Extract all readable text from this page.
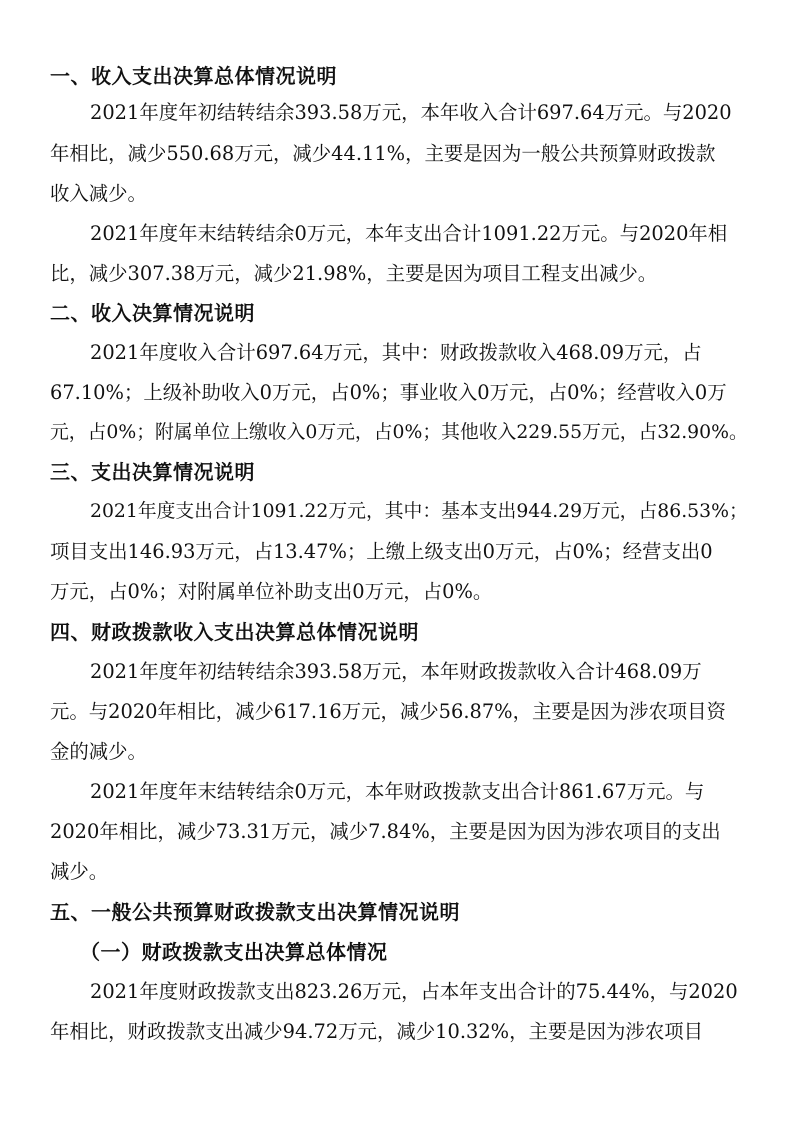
一、收入支出决算总体情况说明
2021年度年初结转结余393.58万元，本年收入合计697.64万元。与2020
年相比，减少550.68万元，减少44.11%，主要是因为一般公共预算财政拨款
收入减少。
2021年度年末结转结余0万元，本年支出合计1091.22万元。与2020年相
比，减少307.38万元，减少21.98%，主要是因为项目工程支出减少。
二、收入决算情况说明
2021年度收入合计697.64万元，其中：财政拨款收入468.09万元，占
67.10%；上级补助收入0万元，占0%；事业收入0万元，占0%；经营收入0万
元，占0%；附属单位上缴收入0万元，占0%；其他收入229.55万元，占32.90%。
三、支出决算情况说明
2021年度支出合计1091.22万元，其中：基本支出944.29万元，占86.53%；
项目支出146.93万元，占13.47%；上缴上级支出0万元，占0%；经营支出0
万元，占0%；对附属单位补助支出0万元，占0%。
四、财政拨款收入支出决算总体情况说明
2021年度年初结转结余393.58万元，本年财政拨款收入合计468.09万
元。与2020年相比，减少617.16万元，减少56.87%，主要是因为涉农项目资
金的减少。
2021年度年末结转结余0万元，本年财政拨款支出合计861.67万元。与
2020年相比，减少73.31万元，减少7.84%，主要是因为因为涉农项目的支出
减少。
五、一般公共预算财政拨款支出决算情况说明
（一）财政拨款支出决算总体情况
2021年度财政拨款支出823.26万元，占本年支出合计的75.44%，与2020
年相比，财政拨款支出减少94.72万元，减少10.32%，主要是因为涉农项目
